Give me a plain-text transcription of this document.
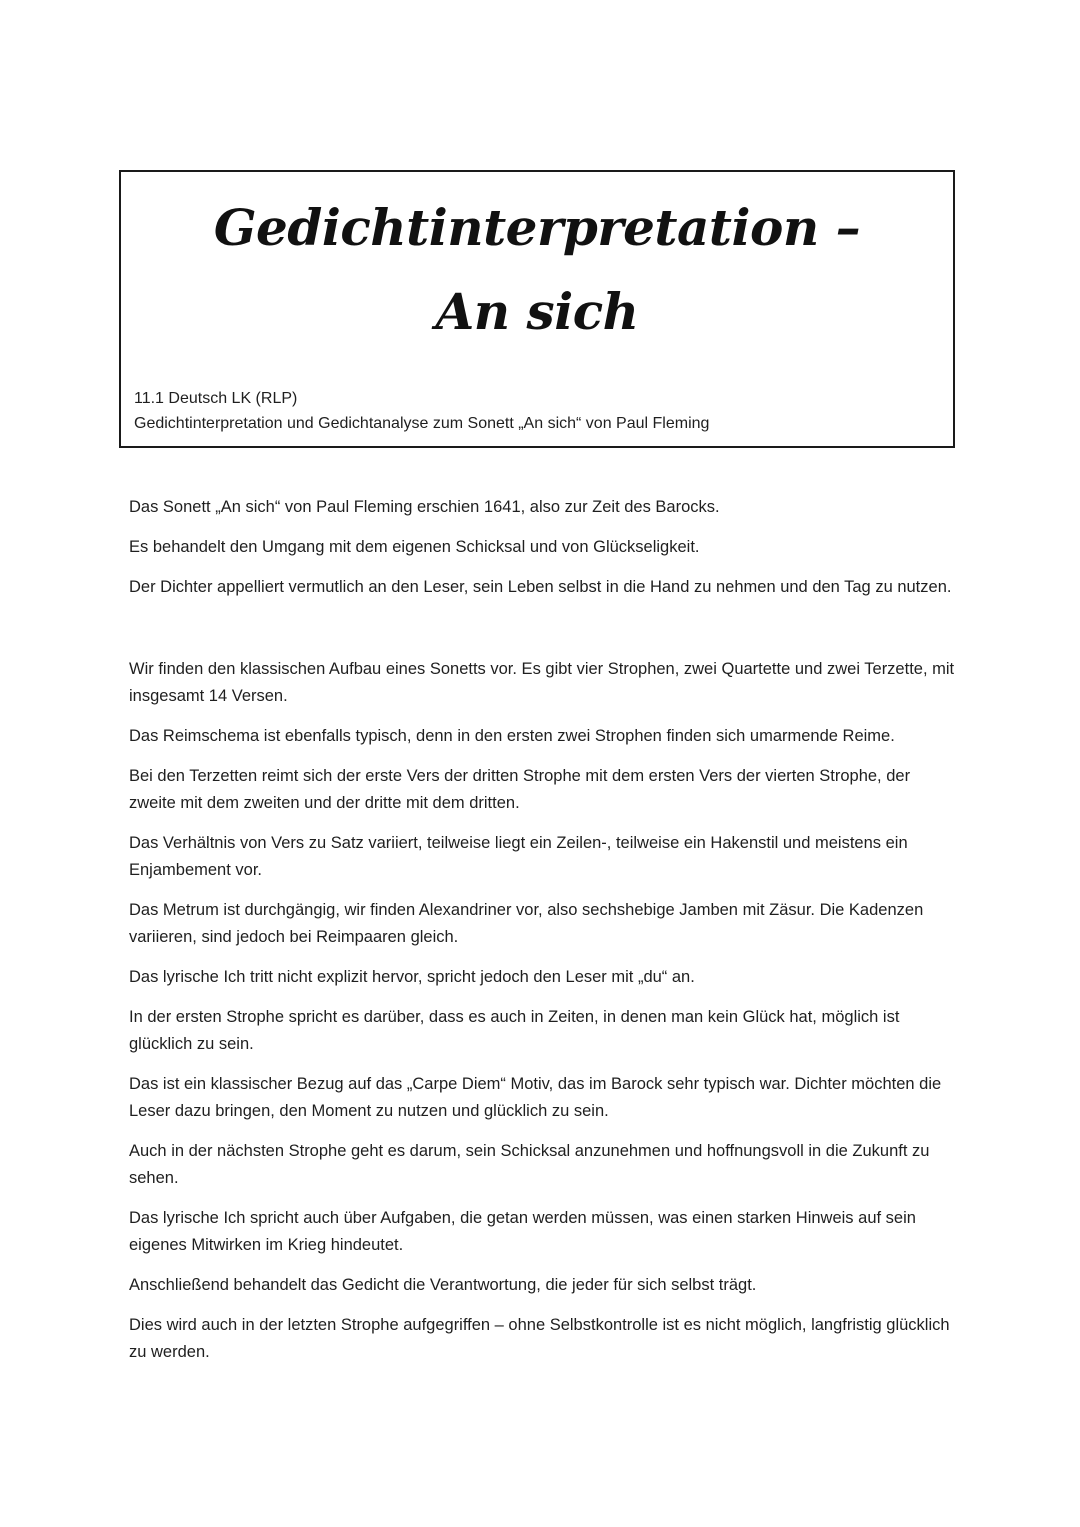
Gedichtinterpretation –
An sich
11.1 Deutsch LK (RLP)
Gedichtinterpretation und Gedichtanalyse zum Sonett „An sich“ von Paul Fleming

Das Sonett „An sich“ von Paul Fleming erschien 1641, also zur Zeit des Barocks.

Es behandelt den Umgang mit dem eigenen Schicksal und von Glückseligkeit.

Der Dichter appelliert vermutlich an den Leser, sein Leben selbst in die Hand zu nehmen und den Tag zu nutzen.

Wir finden den klassischen Aufbau eines Sonetts vor. Es gibt vier Strophen, zwei Quartette und zwei Terzette, mit insgesamt 14 Versen.

Das Reimschema ist ebenfalls typisch, denn in den ersten zwei Strophen finden sich umarmende Reime.

Bei den Terzetten reimt sich der erste Vers der dritten Strophe mit dem ersten Vers der vierten Strophe, der zweite mit dem zweiten und der dritte mit dem dritten.

Das Verhältnis von Vers zu Satz variiert, teilweise liegt ein Zeilen-, teilweise ein Hakenstil und meistens ein Enjambement vor.

Das Metrum ist durchgängig, wir finden Alexandriner vor, also sechshebige Jamben mit Zäsur. Die Kadenzen variieren, sind jedoch bei Reimpaaren gleich.

Das lyrische Ich tritt nicht explizit hervor, spricht jedoch den Leser mit „du“ an.

In der ersten Strophe spricht es darüber, dass es auch in Zeiten, in denen man kein Glück hat, möglich ist glücklich zu sein.

Das ist ein klassischer Bezug auf das „Carpe Diem“ Motiv, das im Barock sehr typisch war. Dichter möchten die Leser dazu bringen, den Moment zu nutzen und glücklich zu sein.

Auch in der nächsten Strophe geht es darum, sein Schicksal anzunehmen und hoffnungsvoll in die Zukunft zu sehen.

Das lyrische Ich spricht auch über Aufgaben, die getan werden müssen, was einen starken Hinweis auf sein eigenes Mitwirken im Krieg hindeutet.

Anschließend behandelt das Gedicht die Verantwortung, die jeder für sich selbst trägt.

Dies wird auch in der letzten Strophe aufgegriffen – ohne Selbstkontrolle ist es nicht möglich, langfristig glücklich zu werden.
